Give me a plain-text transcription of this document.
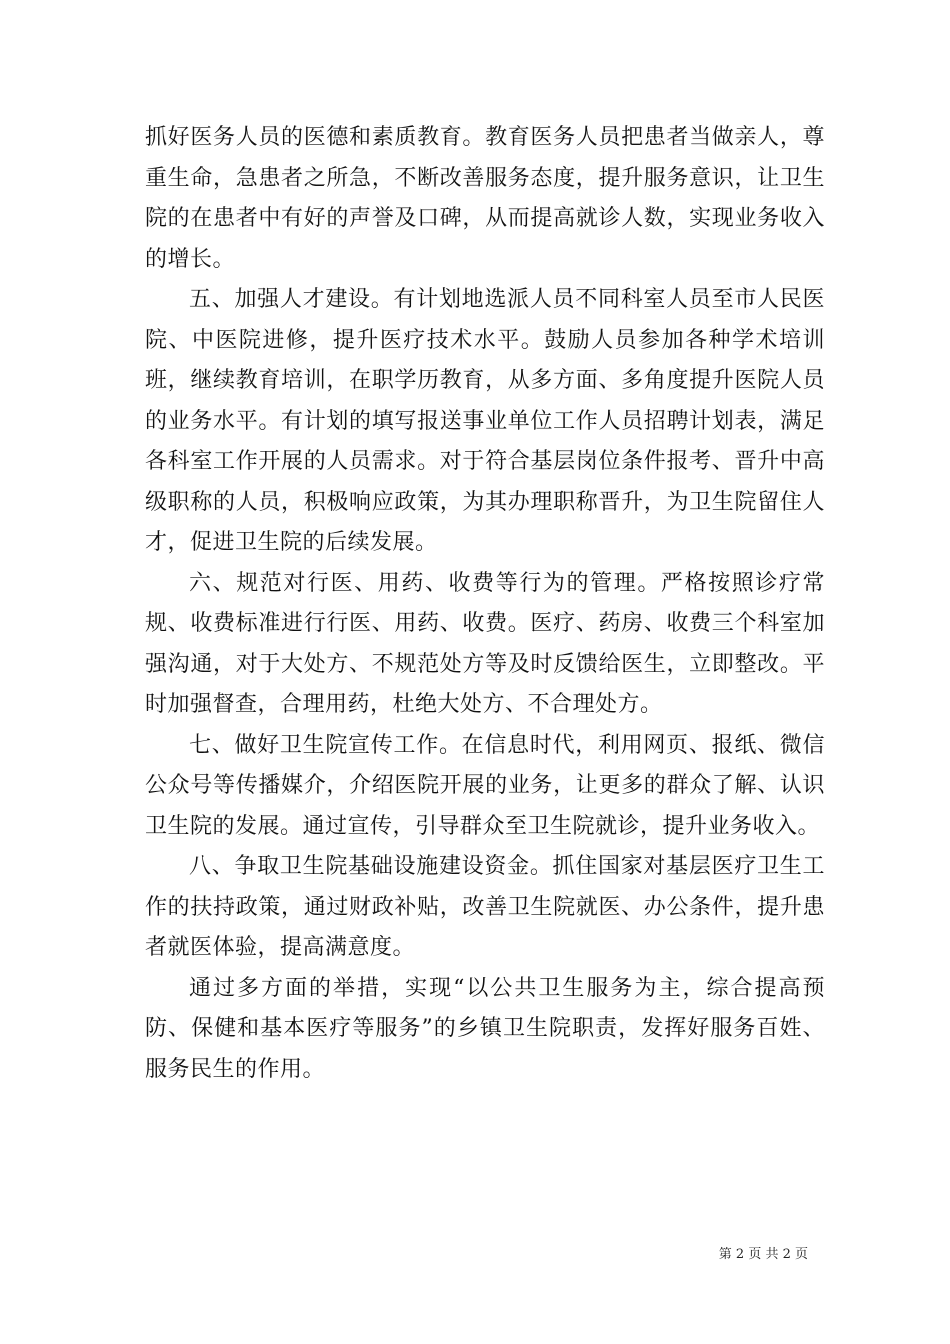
抓好医务人员的医德和素质教育。教育医务人员把患者当做亲人，尊重生命，急患者之所急，不断改善服务态度，提升服务意识，让卫生院的在患者中有好的声誉及口碑，从而提高就诊人数，实现业务收入的增长。

五、加强人才建设。有计划地选派人员不同科室人员至市人民医院、中医院进修，提升医疗技术水平。鼓励人员参加各种学术培训班，继续教育培训，在职学历教育，从多方面、多角度提升医院人员的业务水平。有计划的填写报送事业单位工作人员招聘计划表，满足各科室工作开展的人员需求。对于符合基层岗位条件报考、晋升中高级职称的人员，积极响应政策，为其办理职称晋升，为卫生院留住人才，促进卫生院的后续发展。

六、规范对行医、用药、收费等行为的管理。严格按照诊疗常规、收费标准进行行医、用药、收费。医疗、药房、收费三个科室加强沟通，对于大处方、不规范处方等及时反馈给医生，立即整改。平时加强督查，合理用药，杜绝大处方、不合理处方。

七、做好卫生院宣传工作。在信息时代，利用网页、报纸、微信公众号等传播媒介，介绍医院开展的业务，让更多的群众了解、认识卫生院的发展。通过宣传，引导群众至卫生院就诊，提升业务收入。

八、争取卫生院基础设施建设资金。抓住国家对基层医疗卫生工作的扶持政策，通过财政补贴，改善卫生院就医、办公条件，提升患者就医体验，提高满意度。

通过多方面的举措，实现“以公共卫生服务为主，综合提高预防、保健和基本医疗等服务”的乡镇卫生院职责，发挥好服务百姓、服务民生的作用。

第 2 页 共 2 页
